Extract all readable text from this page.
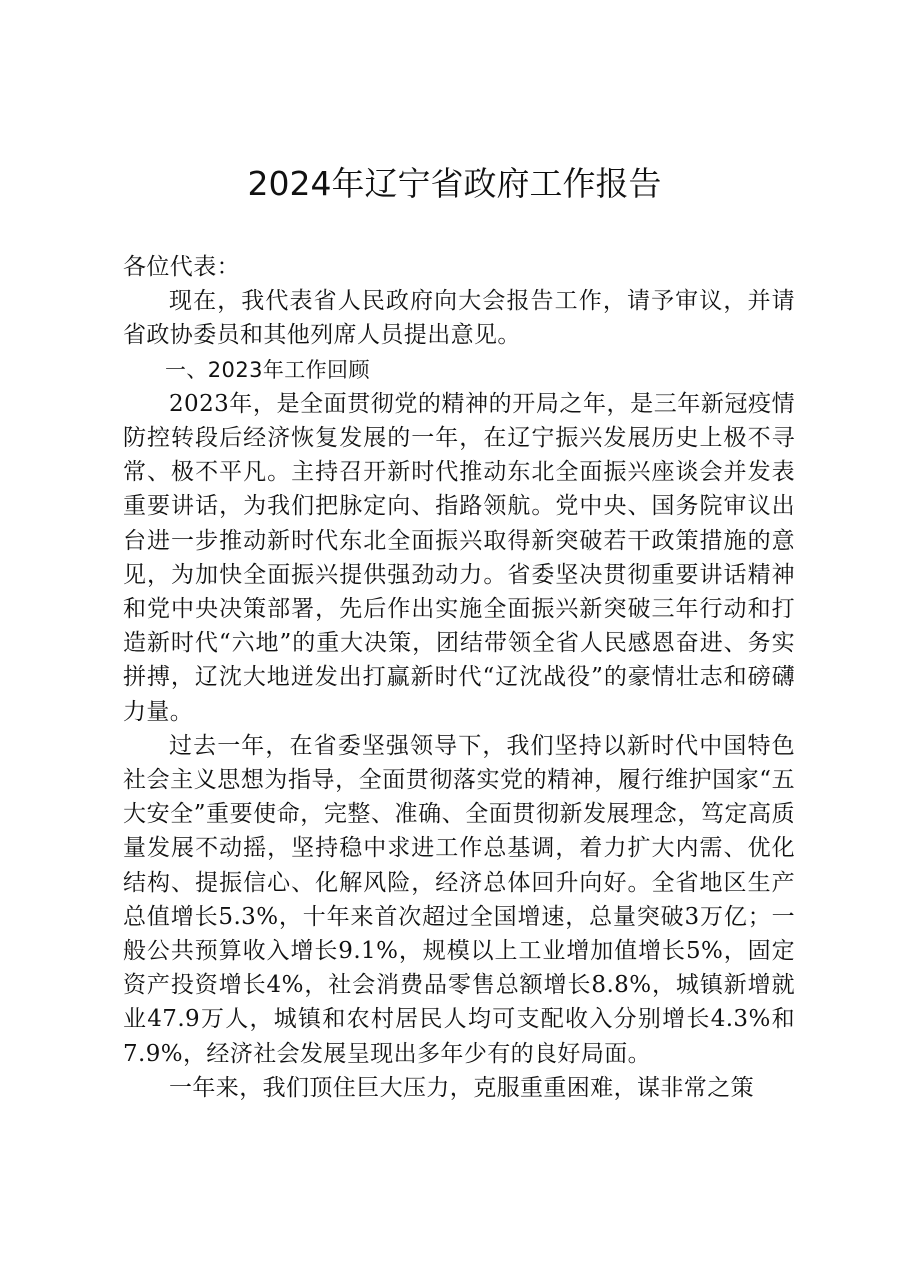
2024年辽宁省政府工作报告

各位代表：

现在，我代表省人民政府向大会报告工作，请予审议，并请省政协委员和其他列席人员提出意见。

一、2023年工作回顾

2023年，是全面贯彻党的精神的开局之年，是三年新冠疫情防控转段后经济恢复发展的一年，在辽宁振兴发展历史上极不寻常、极不平凡。主持召开新时代推动东北全面振兴座谈会并发表重要讲话，为我们把脉定向、指路领航。党中央、国务院审议出台进一步推动新时代东北全面振兴取得新突破若干政策措施的意见，为加快全面振兴提供强劲动力。省委坚决贯彻重要讲话精神和党中央决策部署，先后作出实施全面振兴新突破三年行动和打造新时代“六地”的重大决策，团结带领全省人民感恩奋进、务实拼搏，辽沈大地迸发出打赢新时代“辽沈战役”的豪情壮志和磅礴力量。

过去一年，在省委坚强领导下，我们坚持以新时代中国特色社会主义思想为指导，全面贯彻落实党的精神，履行维护国家“五大安全”重要使命，完整、准确、全面贯彻新发展理念，笃定高质量发展不动摇，坚持稳中求进工作总基调，着力扩大内需、优化结构、提振信心、化解风险，经济总体回升向好。全省地区生产总值增长5.3%，十年来首次超过全国增速，总量突破3万亿；一般公共预算收入增长9.1%，规模以上工业增加值增长5%，固定资产投资增长4%，社会消费品零售总额增长8.8%，城镇新增就业47.9万人，城镇和农村居民人均可支配收入分别增长4.3%和7.9%，经济社会发展呈现出多年少有的良好局面。

一年来，我们顶住巨大压力，克服重重困难，谋非常之策
